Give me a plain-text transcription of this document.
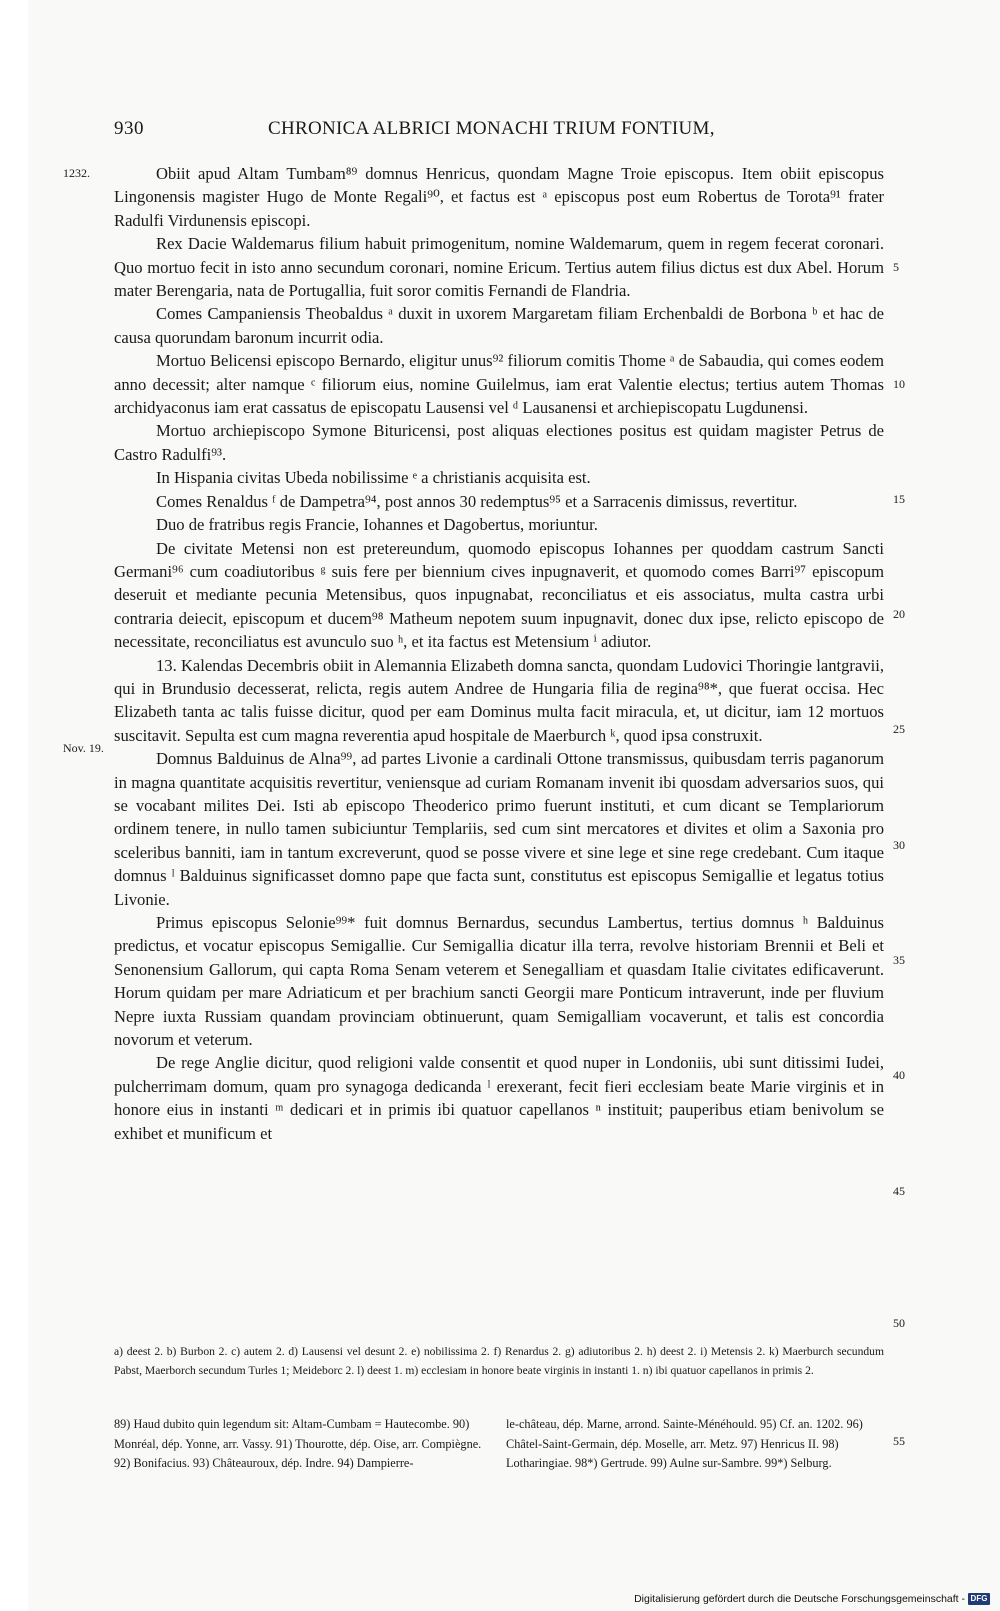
930	CHRONICA ALBRICI MONACHI TRIUM FONTIUM,
1232.
Nov. 19.
5
10
15
20
25
30
35
40
45
50
55

Obiit apud Altam Tumbam⁸⁹ domnus Henricus, quondam Magne Troie episcopus. Item obiit episcopus Lingonensis magister Hugo de Monte Regali⁹⁰, et factus est ᵃ episcopus post eum Robertus de Torota⁹¹ frater Radulfi Virdunensis episcopi.

Rex Dacie Waldemarus filium habuit primogenitum, nomine Waldemarum, quem in regem fecerat coronari. Quo mortuo fecit in isto anno secundum coronari, nomine Ericum. Tertius autem filius dictus est dux Abel. Horum mater Berengaria, nata de Portugallia, fuit soror comitis Fernandi de Flandria.

Comes Campaniensis Theobaldus ᵃ duxit in uxorem Margaretam filiam Erchenbaldi de Borbona ᵇ et hac de causa quorundam baronum incurrit odia.

Mortuo Belicensi episcopo Bernardo, eligitur unus⁹² filiorum comitis Thome ᵃ de Sabaudia, qui comes eodem anno decessit; alter namque ᶜ filiorum eius, nomine Guilelmus, iam erat Valentie electus; tertius autem Thomas archidyaconus iam erat cassatus de episcopatu Lausensi vel ᵈ Lausanensi et archiepiscopatu Lugdunensi.

Mortuo archiepiscopo Symone Bituricensi, post aliquas electiones positus est quidam magister Petrus de Castro Radulfi⁹³.

In Hispania civitas Ubeda nobilissime ᵉ a christianis acquisita est.

Comes Renaldus ᶠ de Dampetra⁹⁴, post annos 30 redemptus⁹⁵ et a Sarracenis dimissus, revertitur.

Duo de fratribus regis Francie, Iohannes et Dagobertus, moriuntur.

De civitate Metensi non est pretereundum, quomodo episcopus Iohannes per quoddam castrum Sancti Germani⁹⁶ cum coadiutoribus ᵍ suis fere per biennium cives inpugnaverit, et quomodo comes Barri⁹⁷ episcopum deseruit et mediante pecunia Metensibus, quos inpugnabat, reconciliatus et eis associatus, multa castra urbi contraria deiecit, episcopum et ducem⁹⁸ Matheum nepotem suum inpugnavit, donec dux ipse, relicto episcopo de necessitate, reconciliatus est avunculo suo ʰ, et ita factus est Metensium ⁱ adiutor.

13. Kalendas Decembris obiit in Alemannia Elizabeth domna sancta, quondam Ludovici Thoringie lantgravii, qui in Brundusio decesserat, relicta, regis autem Andree de Hungaria filia de regina⁹⁸*, que fuerat occisa. Hec Elizabeth tanta ac talis fuisse dicitur, quod per eam Dominus multa facit miracula, et, ut dicitur, iam 12 mortuos suscitavit. Sepulta est cum magna reverentia apud hospitale de Maerburch ᵏ, quod ipsa construxit.

Domnus Balduinus de Alna⁹⁹, ad partes Livonie a cardinali Ottone transmissus, quibusdam terris paganorum in magna quantitate acquisitis revertitur, veniensque ad curiam Romanam invenit ibi quosdam adversarios suos, qui se vocabant milites Dei. Isti ab episcopo Theoderico primo fuerunt instituti, et cum dicant se Templariorum ordinem tenere, in nullo tamen subiciuntur Templariis, sed cum sint mercatores et divites et olim a Saxonia pro sceleribus banniti, iam in tantum excreverunt, quod se posse vivere et sine lege et sine rege credebant. Cum itaque domnus ˡ Balduinus significasset domno pape que facta sunt, constitutus est episcopus Semigallie et legatus totius Livonie.

Primus episcopus Selonie⁹⁹* fuit domnus Bernardus, secundus Lambertus, tertius domnus ʰ Balduinus predictus, et vocatur episcopus Semigallie. Cur Semigallia dicatur illa terra, revolve historiam Brennii et Beli et Senonensium Gallorum, qui capta Roma Senam veterem et Senegalliam et quasdam Italie civitates edificaverunt. Horum quidam per mare Adriaticum et per brachium sancti Georgii mare Ponticum intraverunt, inde per fluvium Nepre iuxta Russiam quandam provinciam obtinuerunt, quam Semigalliam vocaverunt, et talis est concordia novorum et veterum.

De rege Anglie dicitur, quod religioni valde consentit et quod nuper in Londoniis, ubi sunt ditissimi Iudei, pulcherrimam domum, quam pro synagoga dedicanda ˡ erexerant, fecit fieri ecclesiam beate Marie virginis et in honore eius in instanti ᵐ dedicari et in primis ibi quatuor capellanos ⁿ instituit; pauperibus etiam benivolum se exhibet et munificum et

a) deest 2. b) Burbon 2. c) autem 2. d) Lausensi vel desunt 2. e) nobilissima 2. f) Renardus 2. g) adiutoribus 2. h) deest 2. i) Metensis 2. k) Maerburch secundum Pabst, Maerborch secundum Turles 1; Meideborc 2. l) deest 1. m) ecclesiam in honore beate virginis in instanti 1. n) ibi quatuor capellanos in primis 2.
89) Haud dubito quin legendum sit: Altam-Cumbam = Hautecombe. 90) Monréal, dép. Yonne, arr. Vassy. 91) Thourotte, dép. Oise, arr. Compiègne. 92) Bonifacius. 93) Châteauroux, dép. Indre. 94) Dampierre-
le-château, dép. Marne, arrond. Sainte-Ménéhould. 95) Cf. an. 1202. 96) Châtel-Saint-Germain, dép. Moselle, arr. Metz. 97) Henricus II. 98) Lotharingiae. 98*) Gertrude. 99) Aulne sur-Sambre. 99*) Selburg.
Digitalisierung gefördert durch die Deutsche Forschungsgemeinschaft - DFG
